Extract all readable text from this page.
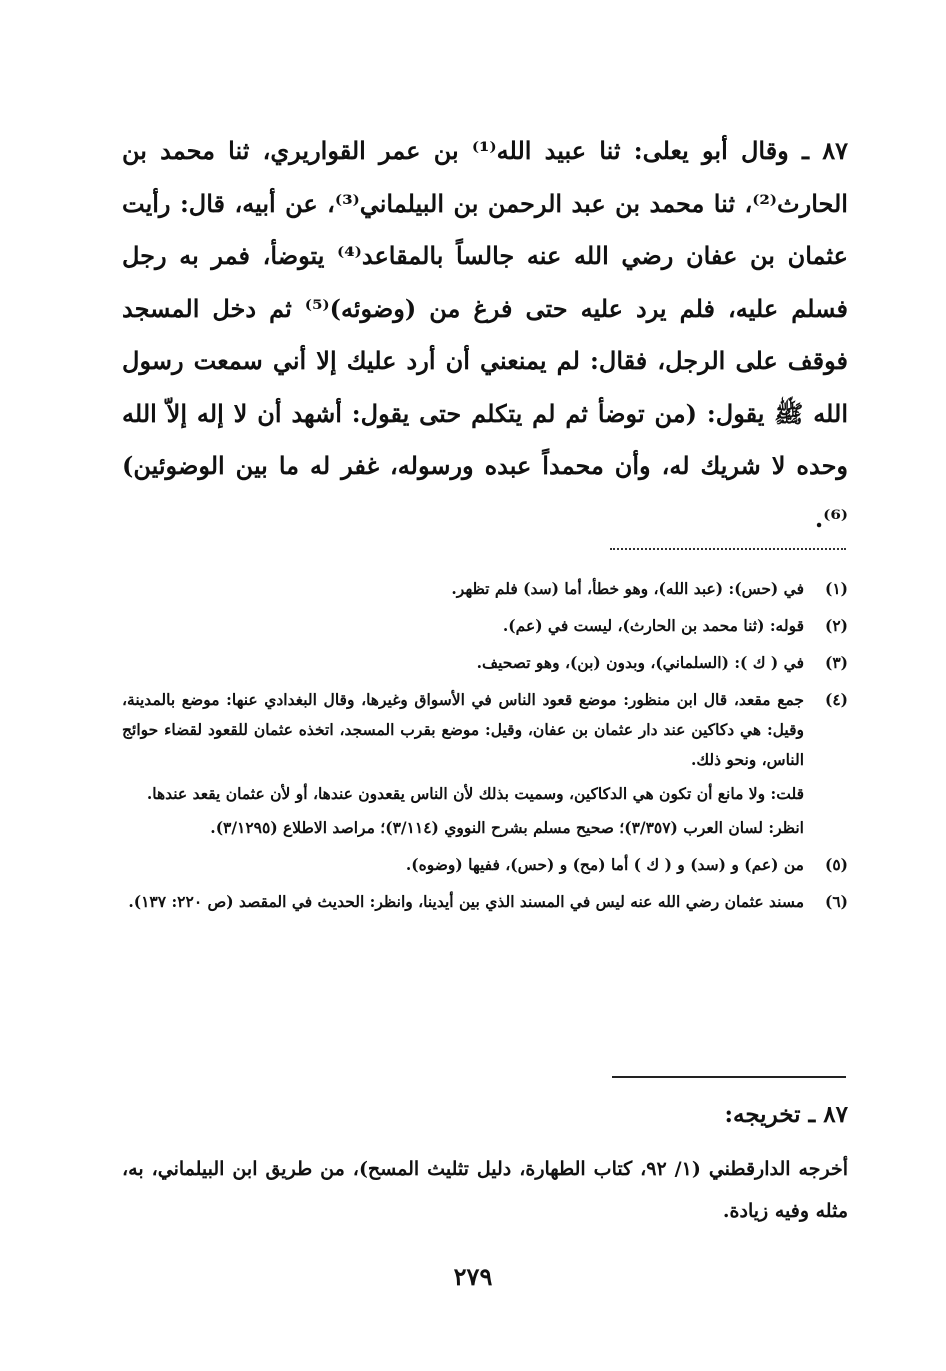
٨٧ ـ وقال أبو يعلى: ثنا عبيد الله⁽¹⁾ بن عمر القواريري، ثنا محمد بن الحارث⁽²⁾، ثنا محمد بن عبد الرحمن بن البيلماني⁽³⁾، عن أبيه، قال: رأيت عثمان بن عفان رضي الله عنه جالساً بالمقاعد⁽⁴⁾ يتوضأ، فمر به رجل فسلم عليه، فلم يرد عليه حتى فرغ من (وضوئه)⁽⁵⁾ ثم دخل المسجد فوقف على الرجل، فقال: لم يمنعني أن أرد عليك إلا أني سمعت رسول الله ﷺ يقول: (من توضأ ثم لم يتكلم حتى يقول: أشهد أن لا إله إلاّ الله وحده لا شريك له، وأن محمداً عبده ورسوله، غفر له ما بين الوضوئين)⁽⁶⁾.

(١)

في (حس): (عبد الله)، وهو خطأ، أما (سد) فلم تظهر.

(٢)

قوله: (ثنا محمد بن الحارث)، ليست في (عم).

(٣)

في ( ك ): (السلماني)، وبدون (بن)، وهو تصحيف.

(٤)

جمع مقعد، قال ابن منظور: موضع قعود الناس في الأسواق وغيرها، وقال البغدادي عنها: موضع بالمدينة، وقيل: هي دكاكين عند دار عثمان بن عفان، وقيل: موضع بقرب المسجد، اتخذه عثمان للقعود لقضاء حوائج الناس، ونحو ذلك.

قلت: ولا مانع أن تكون هي الدكاكين، وسميت بذلك لأن الناس يقعدون عندها، أو لأن عثمان يقعد عندها.

انظر: لسان العرب (٣/٣٥٧)؛ صحيح مسلم بشرح النووي (٣/١١٤)؛ مراصد الاطلاع (٣/١٢٩٥).

(٥)

من (عم) و (سد) و ( ك ) أما (مح) و (حس)، ففيها (وضوه).

(٦)

مسند عثمان رضي الله عنه ليس في المسند الذي بين أيدينا، وانظر: الحديث في المقصد (ص ٢٢٠: ١٣٧).

٨٧ ـ تخريجه:
أخرجه الدارقطني (١/ ٩٢، كتاب الطهارة، دليل تثليث المسح)، من طريق ابن البيلماني، به، مثله وفيه زيادة.
٢٧٩
